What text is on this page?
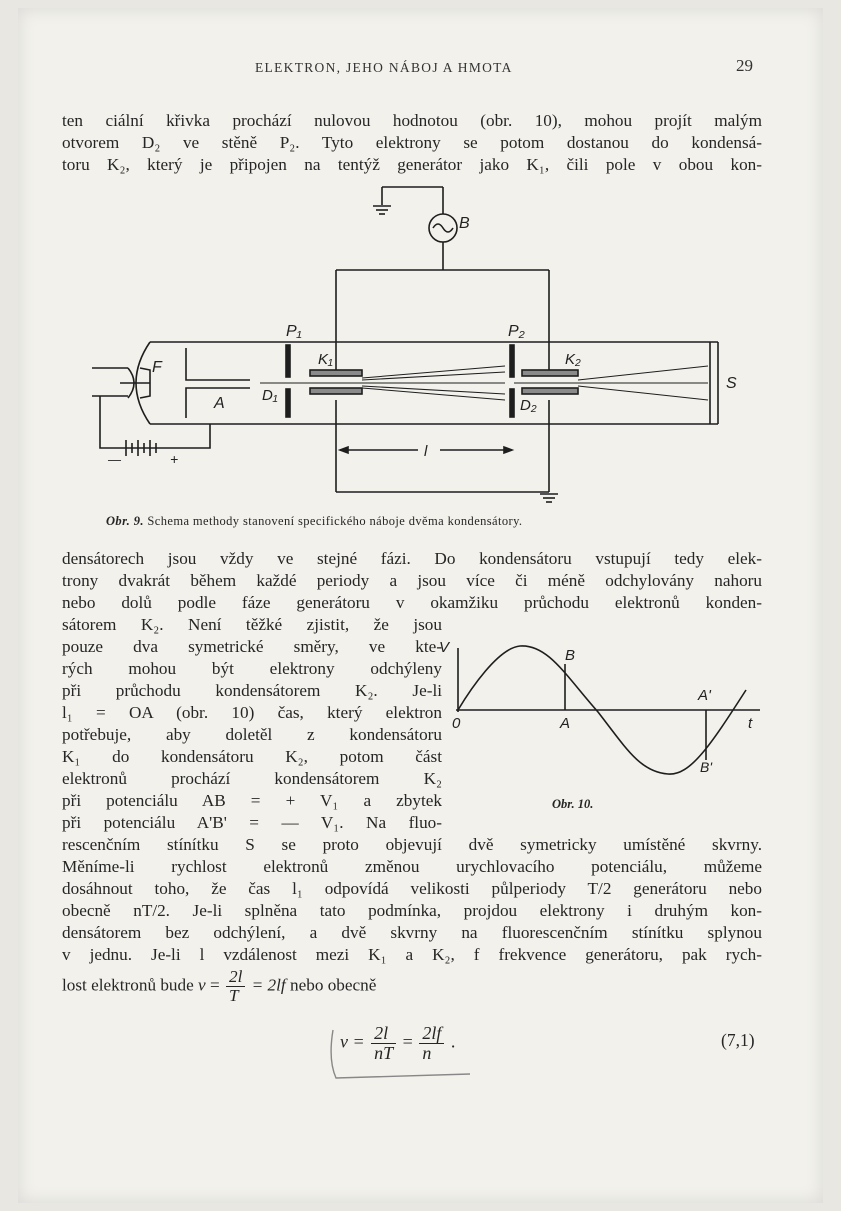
ELEKTRON, JEHO NÁBOJ A HMOTA	29
ten ciální křivka prochází nulovou hodnotou (obr. 10), mohou projít malým
otvorem D₂ ve stěně P₂. Tyto elektrony se potom dostanou do kondensá-
toru K₂, který je připojen na tentýž generátor jako K₁, čili pole v obou kon-
B
P₁	P₂
K₁	K₂
F
A D₁
D₂
S
l
—	+
Obr. 9. Schema methody stanovení specifického náboje dvěma kondensátory.
densátorech jsou vždy ve stejné fázi. Do kondensátoru vstupují tedy elek-
trony dvakrát během každé periody a jsou více či méně odchylovány nahoru
nebo dolů podle fáze generátoru v okamžiku průchodu elektronů konden-
sátorem K₂. Není těžké zjistit, že jsou
pouze dva symetrické směry, ve kte-
rých mohou být elektrony odchýleny
při průchodu kondensátorem K₂. Je-li
l₁ = OA (obr. 10) čas, který elektron
potřebuje, aby doletěl z kondensátoru
K₁ do kondensátoru K₂, potom část
elektronů prochází kondensátorem K₂
při potenciálu AB = + V₁ a zbytek
při potenciálu A'B' = — V₁. Na fluo-
V
0	A
B
A'
B'
t
Obr. 10.
rescenčním stínítku S se proto objevují dvě symetricky umístěné skvrny.
Měníme-li rychlost elektronů změnou urychlovacího potenciálu, můžeme
dosáhnout toho, že čas l₁ odpovídá velikosti půlperiody T/2 generátoru nebo
obecně nT/2. Je-li splněna tato podmínka, projdou elektrony i druhým kon-
densátorem bez odchýlení, a dvě skvrny na fluorescenčním stínítku splynou
v jednu. Je-li l vzdálenost mezi K₁ a K₂, f frekvence generátoru, pak rych-
lost elektronů bude $v = \frac{2l}{T} = 2lf$ nebo obecně
$v = \frac{2l}{nT} = \frac{2lf}{n}$ .	(7,1)
